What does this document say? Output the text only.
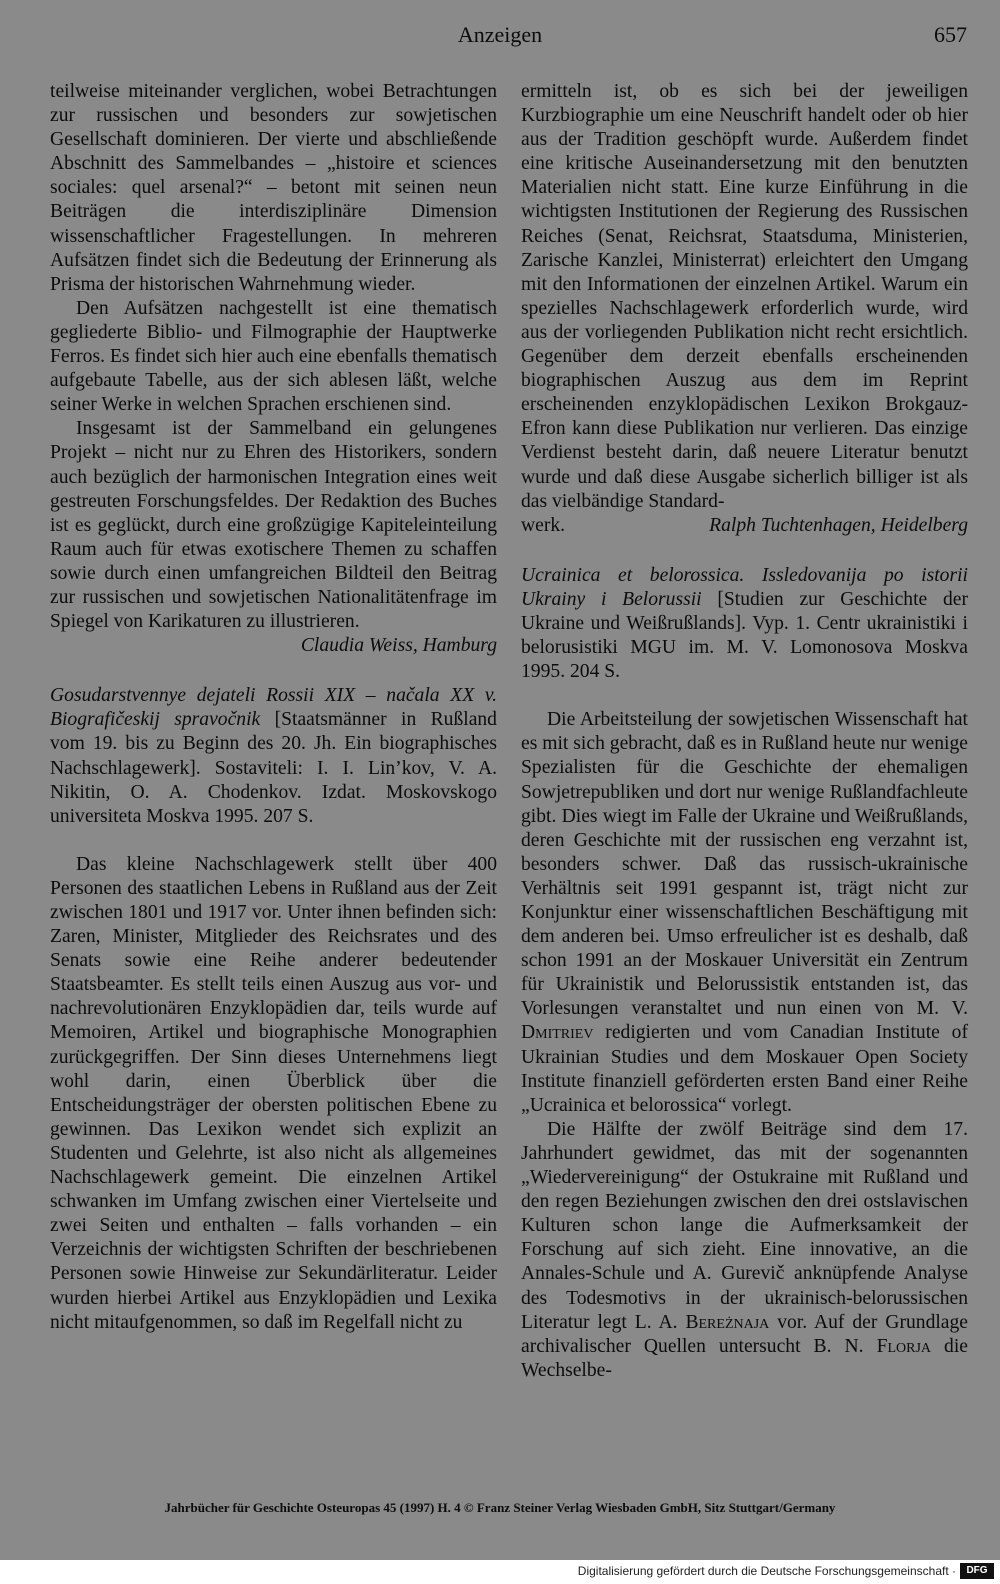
Anzeigen	657

teilweise miteinander verglichen, wobei Betrachtungen zur russischen und besonders zur sowjetischen Gesellschaft dominieren. Der vierte und abschließende Abschnitt des Sammelbandes – „histoire et sciences sociales: quel arsenal?“ – betont mit seinen neun Beiträgen die interdisziplinäre Dimension wissenschaftlicher Fragestellungen. In mehreren Aufsätzen findet sich die Bedeutung der Erinnerung als Prisma der historischen Wahrnehmung wieder.

Den Aufsätzen nachgestellt ist eine thematisch gegliederte Biblio- und Filmographie der Hauptwerke Ferros. Es findet sich hier auch eine ebenfalls thematisch aufgebaute Tabelle, aus der sich ablesen läßt, welche seiner Werke in welchen Sprachen erschienen sind.

Insgesamt ist der Sammelband ein gelungenes Projekt – nicht nur zu Ehren des Historikers, sondern auch bezüglich der harmonischen Integration eines weit gestreuten Forschungsfeldes. Der Redaktion des Buches ist es geglückt, durch eine großzügige Kapiteleinteilung Raum auch für etwas exotischere Themen zu schaffen sowie durch einen umfangreichen Bildteil den Beitrag zur russischen und sowjetischen Nationalitätenfrage im Spiegel von Karikaturen zu illustrieren.

Claudia Weiss, Hamburg

Gosudarstvennye dejateli Rossii XIX – načala XX v. Biografičeskij spravočnik [Staatsmänner in Rußland vom 19. bis zu Beginn des 20. Jh. Ein biographisches Nachschlagewerk]. Sostaviteli: I. I. Lin’kov, V. A. Nikitin, O. A. Chodenkov. Izdat. Moskovskogo universiteta Moskva 1995. 207 S.

Das kleine Nachschlagewerk stellt über 400 Personen des staatlichen Lebens in Rußland aus der Zeit zwischen 1801 und 1917 vor. Unter ihnen befinden sich: Zaren, Minister, Mitglieder des Reichsrates und des Senats sowie eine Reihe anderer bedeutender Staatsbeamter. Es stellt teils einen Auszug aus vor- und nachrevolutionären Enzyklopädien dar, teils wurde auf Memoiren, Artikel und biographische Monographien zurückgegriffen. Der Sinn dieses Unternehmens liegt wohl darin, einen Überblick über die Entscheidungsträger der obersten politischen Ebene zu gewinnen. Das Lexikon wendet sich explizit an Studenten und Gelehrte, ist also nicht als allgemeines Nachschlagewerk gemeint. Die einzelnen Artikel schwanken im Umfang zwischen einer Viertelseite und zwei Seiten und enthalten – falls vorhanden – ein Verzeichnis der wichtigsten Schriften der beschriebenen Personen sowie Hinweise zur Sekundärliteratur. Leider wurden hierbei Artikel aus Enzyklopädien und Lexika nicht mitaufgenommen, so daß im Regelfall nicht zu

ermitteln ist, ob es sich bei der jeweiligen Kurzbiographie um eine Neuschrift handelt oder ob hier aus der Tradition geschöpft wurde. Außerdem findet eine kritische Auseinandersetzung mit den benutzten Materialien nicht statt. Eine kurze Einführung in die wichtigsten Institutionen der Regierung des Russischen Reiches (Senat, Reichsrat, Staatsduma, Ministerien, Zarische Kanzlei, Ministerrat) erleichtert den Umgang mit den Informationen der einzelnen Artikel. Warum ein spezielles Nachschlagewerk erforderlich wurde, wird aus der vorliegenden Publikation nicht recht ersichtlich. Gegenüber dem derzeit ebenfalls erscheinenden biographischen Auszug aus dem im Reprint erscheinenden enzyklopädischen Lexikon Brokgauz-Efron kann diese Publikation nur verlieren. Das einzige Verdienst besteht darin, daß neuere Literatur benutzt wurde und daß diese Ausgabe sicherlich billiger ist als das vielbändige Standard-

werk.	Ralph Tuchtenhagen, Heidelberg

Ucrainica et belorossica. Issledovanija po istorii Ukrainy i Belorussii [Studien zur Geschichte der Ukraine und Weißrußlands]. Vyp. 1. Centr ukrainistiki i belorusistiki MGU im. M. V. Lomonosova Moskva 1995. 204 S.

Die Arbeitsteilung der sowjetischen Wissenschaft hat es mit sich gebracht, daß es in Rußland heute nur wenige Spezialisten für die Geschichte der ehemaligen Sowjetrepubliken und dort nur wenige Rußlandfachleute gibt. Dies wiegt im Falle der Ukraine und Weißrußlands, deren Geschichte mit der russischen eng verzahnt ist, besonders schwer. Daß das russisch-ukrainische Verhältnis seit 1991 gespannt ist, trägt nicht zur Konjunktur einer wissenschaftlichen Beschäftigung mit dem anderen bei. Umso erfreulicher ist es deshalb, daß schon 1991 an der Moskauer Universität ein Zentrum für Ukrainistik und Belorussistik entstanden ist, das Vorlesungen veranstaltet und nun einen von M. V. Dmitriev redigierten und vom Canadian Institute of Ukrainian Studies und dem Moskauer Open Society Institute finanziell geförderten ersten Band einer Reihe „Ucrainica et belorossica“ vorlegt.

Die Hälfte der zwölf Beiträge sind dem 17. Jahrhundert gewidmet, das mit der sogenannten „Wiedervereinigung“ der Ostukraine mit Rußland und den regen Beziehungen zwischen den drei ostslavischen Kulturen schon lange die Aufmerksamkeit der Forschung auf sich zieht. Eine innovative, an die Annales-Schule und A. Gurevič anknüpfende Analyse des Todesmotivs in der ukrainisch-belorussischen Literatur legt L. A. Bereżnaja vor. Auf der Grundlage archivalischer Quellen untersucht B. N. Florja die Wechselbe-

Jahrbücher für Geschichte Osteuropas 45 (1997) H. 4 © Franz Steiner Verlag Wiesbaden GmbH, Sitz Stuttgart/Germany
Digitalisierung gefördert durch die Deutsche Forschungsgemeinschaft ·	DFG
